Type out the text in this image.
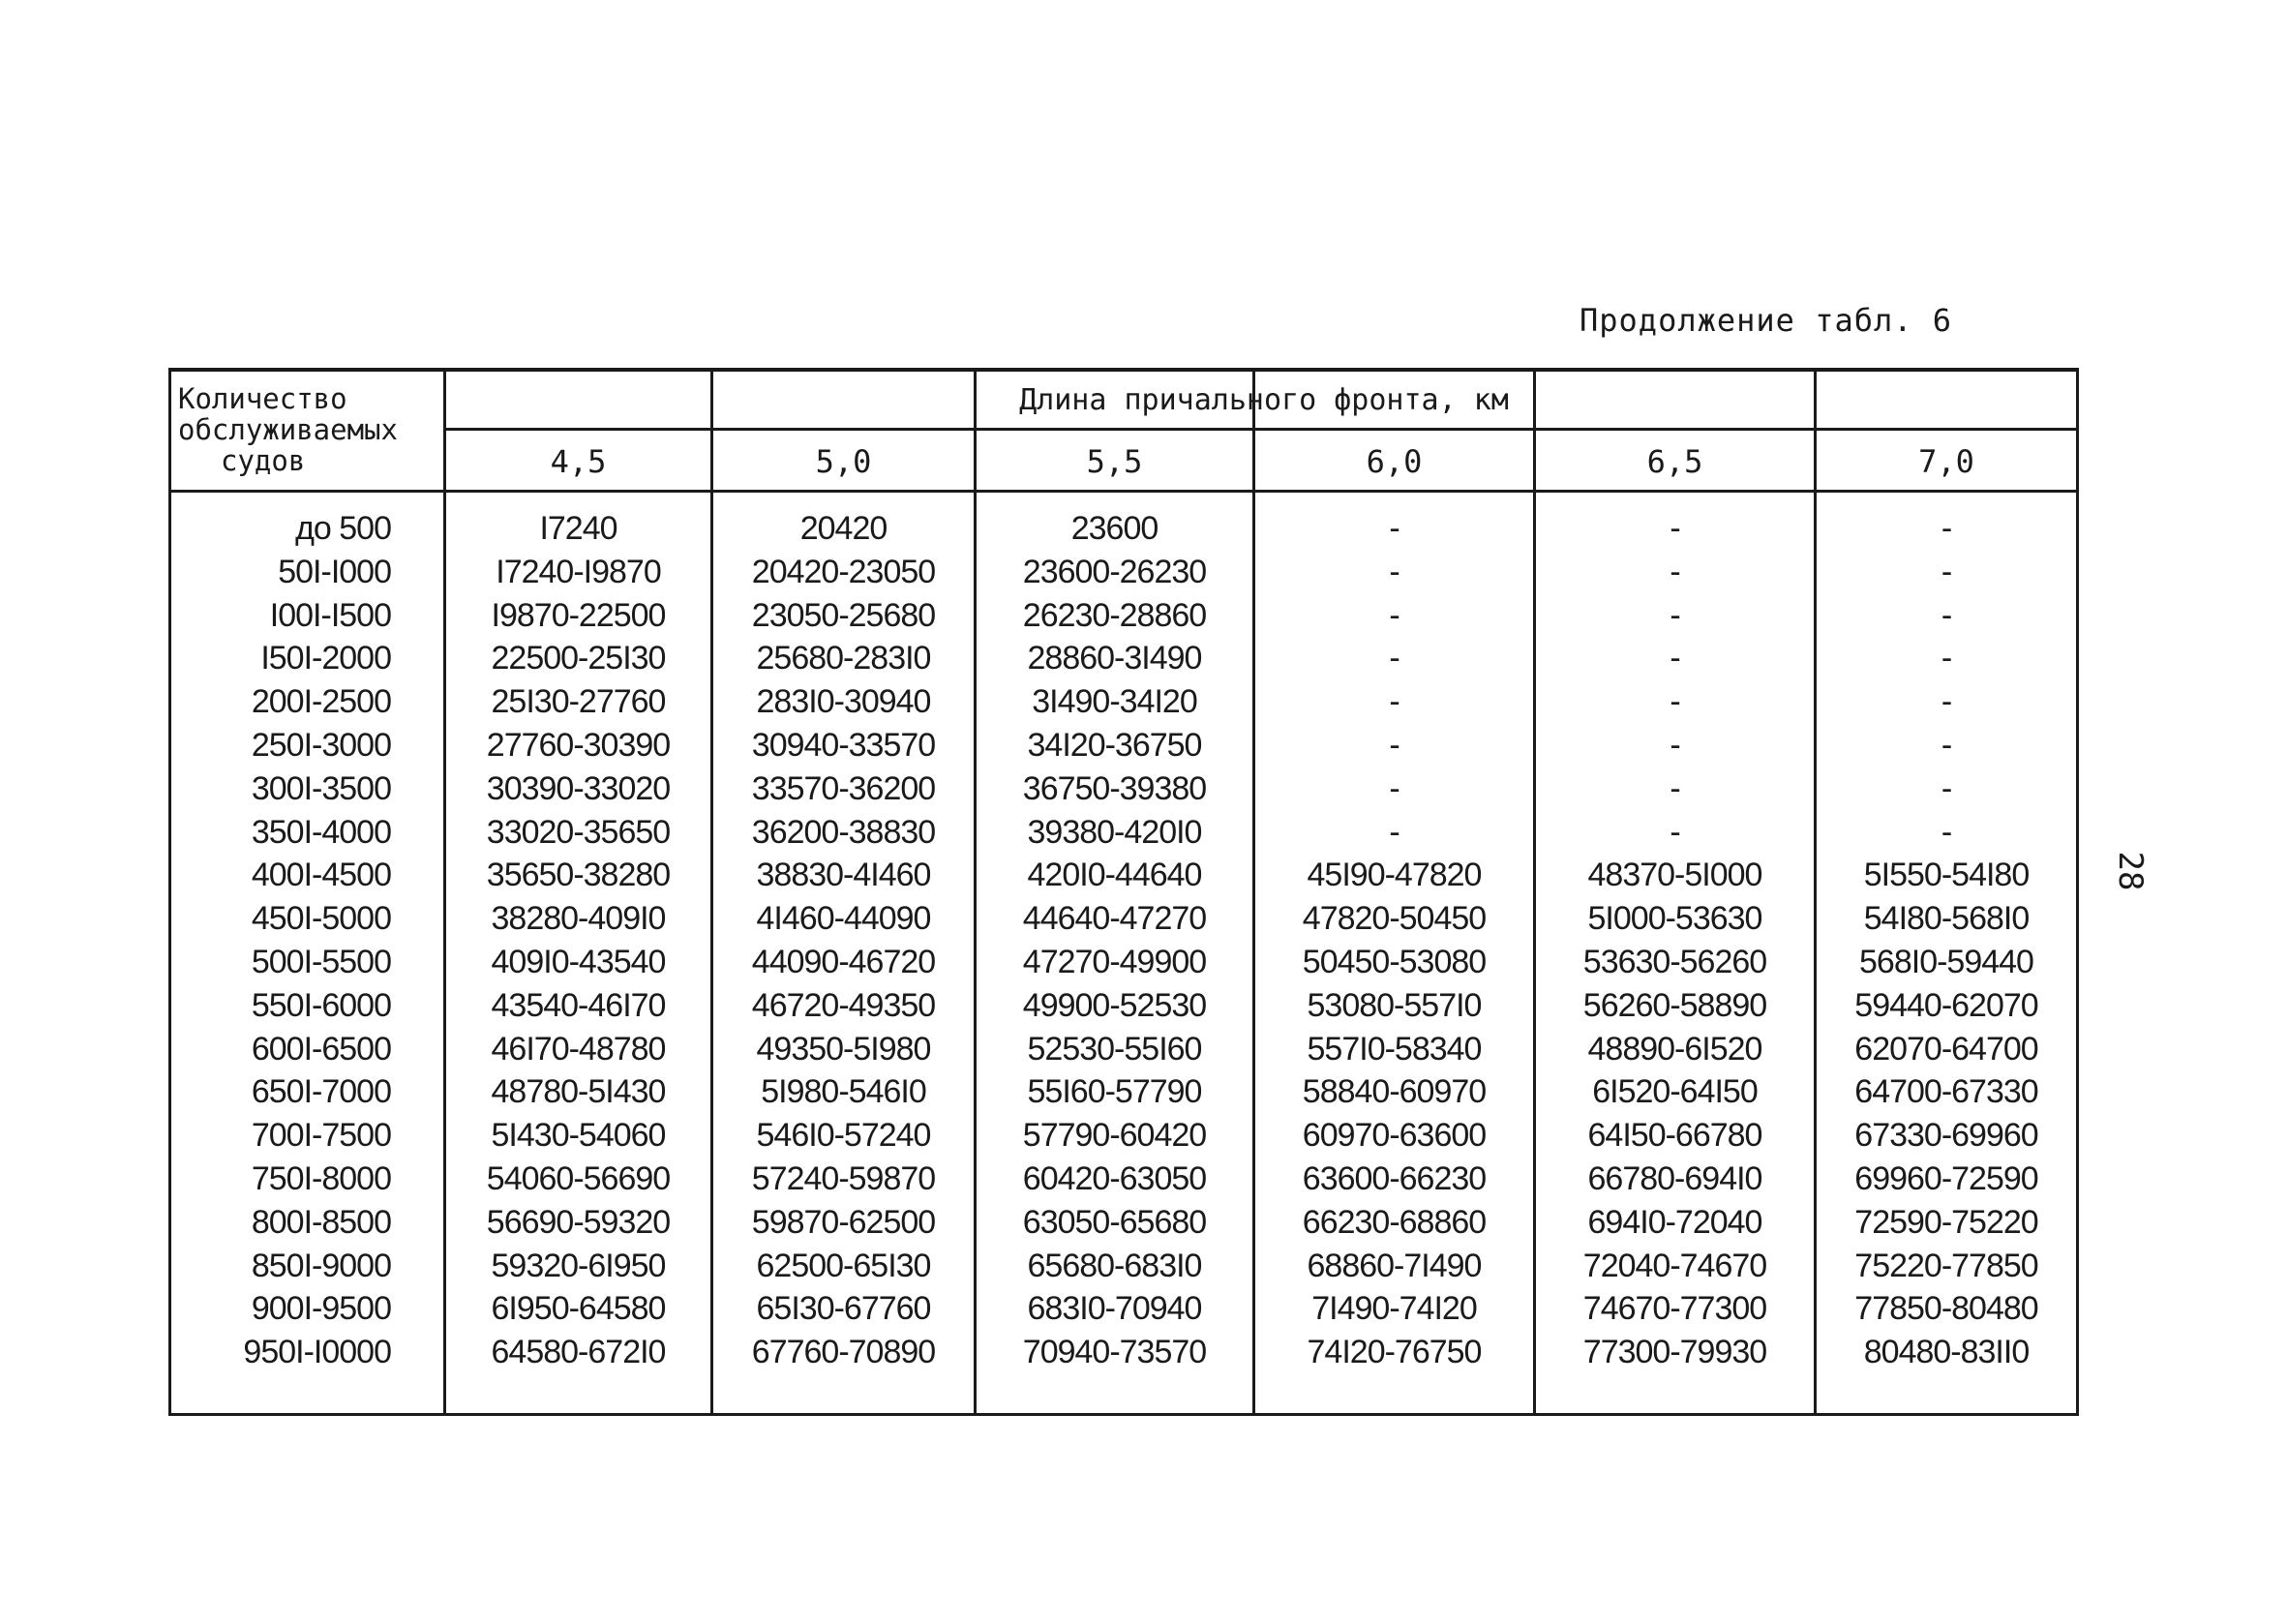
Продолжение табл. 6
28
Количество
обслуживаемых
судов
Длина причального фронта, км
4,5	5,0	5,5	6,0	6,5	7,0
до 500	I7240	20420	23600	-	-	-
50I-I000	I7240-I9870	20420-23050	23600-26230	-	-	-
I00I-I500	I9870-22500	23050-25680	26230-28860	-	-	-
I50I-2000	22500-25I30	25680-283I0	28860-3I490	-	-	-
200I-2500	25I30-27760	283I0-30940	3I490-34I20	-	-	-
250I-3000	27760-30390	30940-33570	34I20-36750	-	-	-
300I-3500	30390-33020	33570-36200	36750-39380	-	-	-
350I-4000	33020-35650	36200-38830	39380-420I0	-	-	-
400I-4500	35650-38280	38830-4I460	420I0-44640	45I90-47820	48370-5I000	5I550-54I80
450I-5000	38280-409I0	4I460-44090	44640-47270	47820-50450	5I000-53630	54I80-568I0
500I-5500	409I0-43540	44090-46720	47270-49900	50450-53080	53630-56260	568I0-59440
550I-6000	43540-46I70	46720-49350	49900-52530	53080-557I0	56260-58890	59440-62070
600I-6500	46I70-48780	49350-5I980	52530-55I60	557I0-58340	48890-6I520	62070-64700
650I-7000	48780-5I430	5I980-546I0	55I60-57790	58840-60970	6I520-64I50	64700-67330
700I-7500	5I430-54060	546I0-57240	57790-60420	60970-63600	64I50-66780	67330-69960
750I-8000	54060-56690	57240-59870	60420-63050	63600-66230	66780-694I0	69960-72590
800I-8500	56690-59320	59870-62500	63050-65680	66230-68860	694I0-72040	72590-75220
850I-9000	59320-6I950	62500-65I30	65680-683I0	68860-7I490	72040-74670	75220-77850
900I-9500	6I950-64580	65I30-67760	683I0-70940	7I490-74I20	74670-77300	77850-80480
950I-I0000	64580-672I0	67760-70890	70940-73570	74I20-76750	77300-79930	80480-83II0
